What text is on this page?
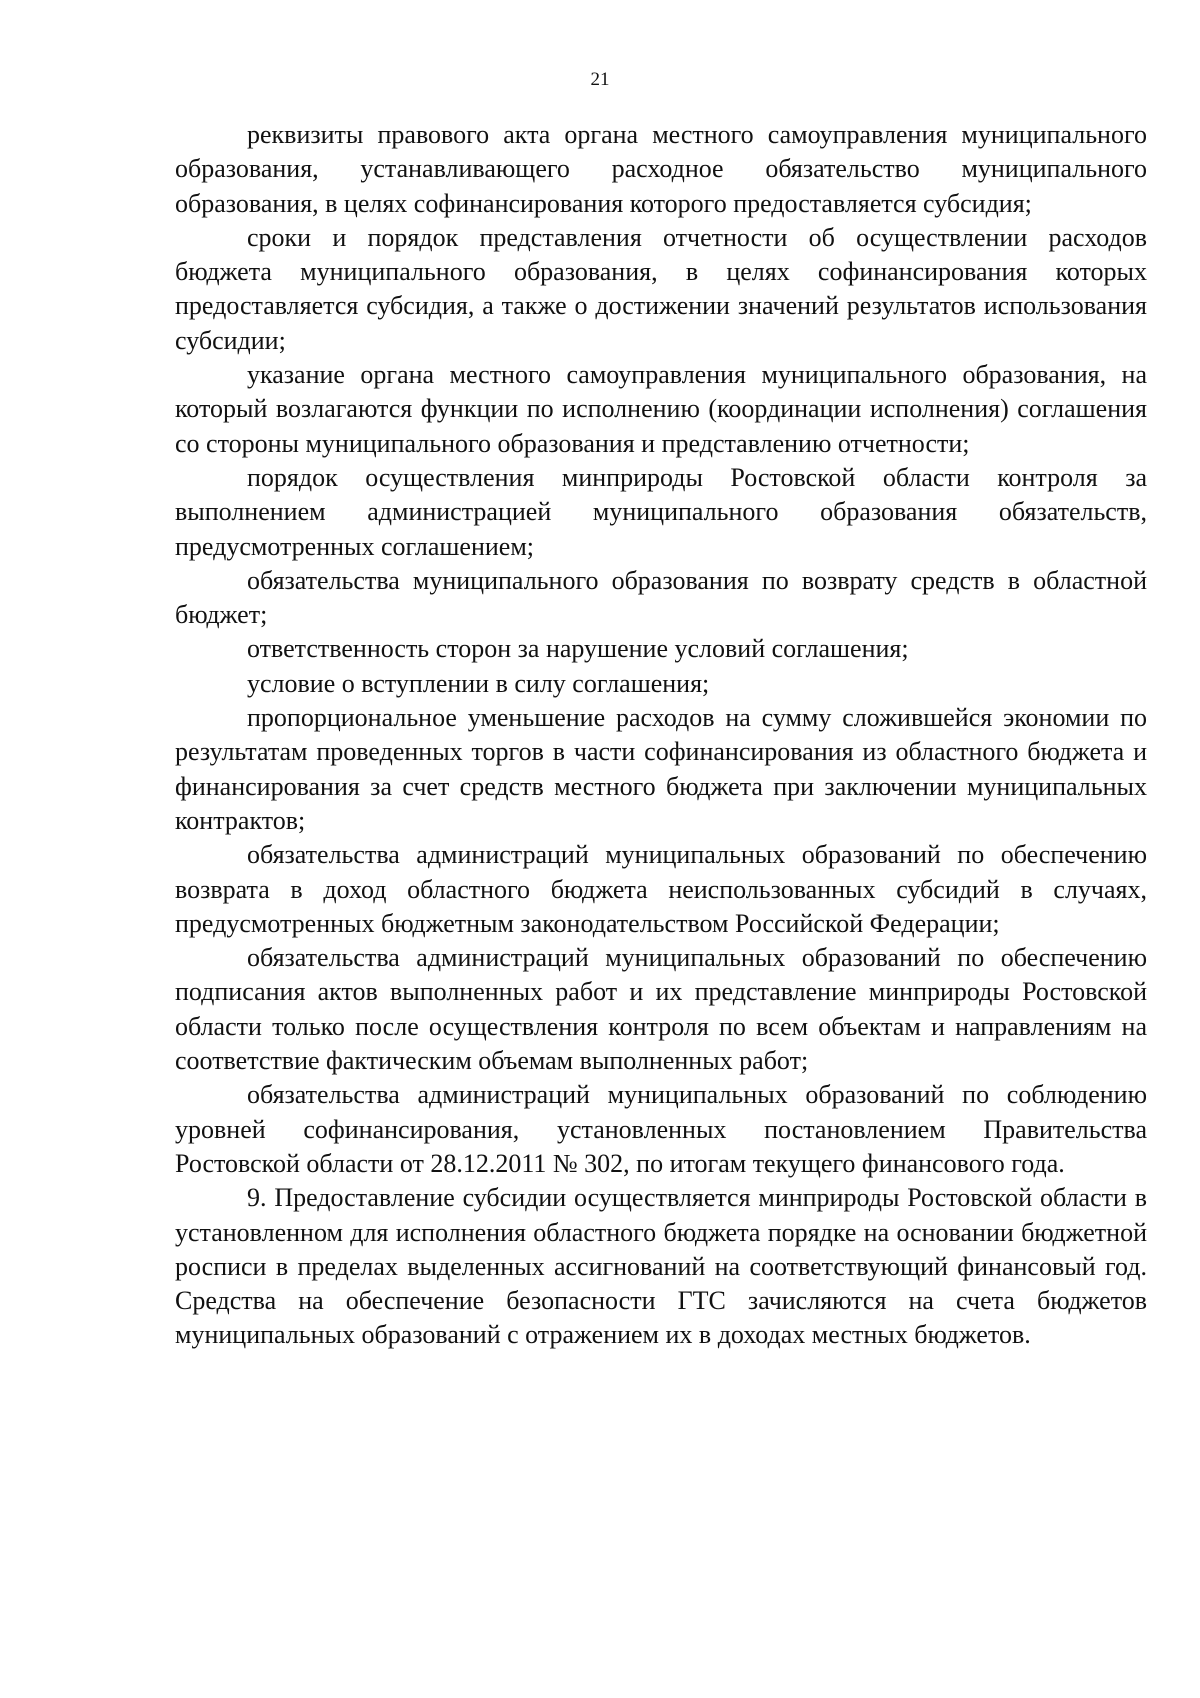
21

реквизиты правового акта органа местного самоуправления муниципального образования, устанавливающего расходное обязательство муниципального образования, в целях софинансирования которого предоставляется субсидия;

сроки и порядок представления отчетности об осуществлении расходов бюджета муниципального образования, в целях софинансирования которых предоставляется субсидия, а также о достижении значений результатов использования субсидии;

указание органа местного самоуправления муниципального образования, на который возлагаются функции по исполнению (координации исполнения) соглашения со стороны муниципального образования и представлению отчетности;

порядок осуществления минприроды Ростовской области контроля за выполнением администрацией муниципального образования обязательств, предусмотренных соглашением;

обязательства муниципального образования по возврату средств в областной бюджет;

ответственность сторон за нарушение условий соглашения;

условие о вступлении в силу соглашения;

пропорциональное уменьшение расходов на сумму сложившейся экономии по результатам проведенных торгов в части софинансирования из областного бюджета и финансирования за счет средств местного бюджета при заключении муниципальных контрактов;

обязательства администраций муниципальных образований по обеспечению возврата в доход областного бюджета неиспользованных субсидий в случаях, предусмотренных бюджетным законодательством Российской Федерации;

обязательства администраций муниципальных образований по обеспечению подписания актов выполненных работ и их представление минприроды Ростовской области только после осуществления контроля по всем объектам и направлениям на соответствие фактическим объемам выполненных работ;

обязательства администраций муниципальных образований по соблюдению уровней софинансирования, установленных постановлением Правительства Ростовской области от 28.12.2011 № 302, по итогам текущего финансового года.

9. Предоставление субсидии осуществляется минприроды Ростовской области в установленном для исполнения областного бюджета порядке на основании бюджетной росписи в пределах выделенных ассигнований на соответствующий финансовый год. Средства на обеспечение безопасности ГТС зачисляются на счета бюджетов муниципальных образований с отражением их в доходах местных бюджетов.
